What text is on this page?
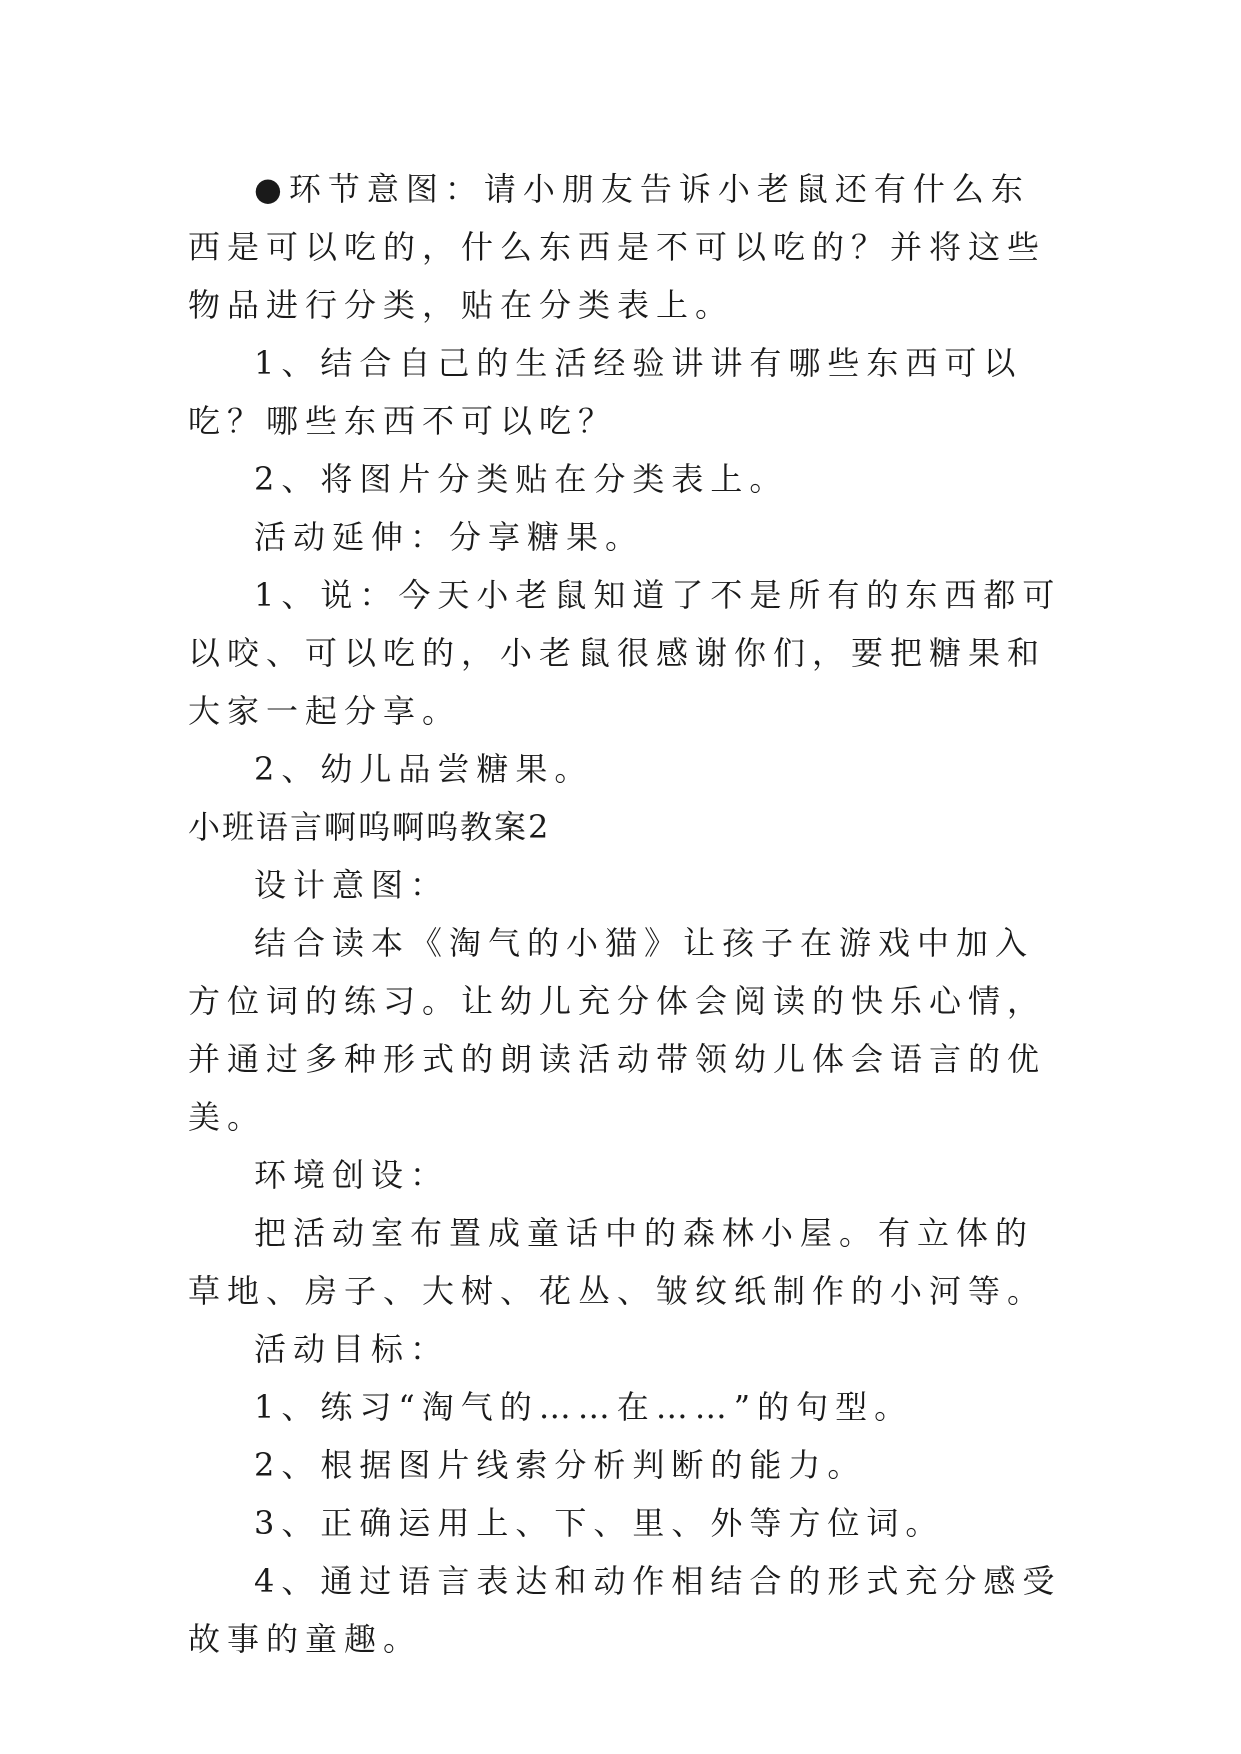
●环节意图：请小朋友告诉小老鼠还有什么东西是可以吃的，什么东西是不可以吃的？并将这些物品进行分类，贴在分类表上。

1、结合自己的生活经验讲讲有哪些东西可以吃？哪些东西不可以吃？

2、将图片分类贴在分类表上。

活动延伸：分享糖果。

1、说：今天小老鼠知道了不是所有的东西都可以咬、可以吃的，小老鼠很感谢你们，要把糖果和大家一起分享。

2、幼儿品尝糖果。

小班语言啊呜啊呜教案2

设计意图：

结合读本《淘气的小猫》让孩子在游戏中加入方位词的练习。让幼儿充分体会阅读的快乐心情，并通过多种形式的朗读活动带领幼儿体会语言的优美。

环境创设：

把活动室布置成童话中的森林小屋。有立体的草地、房子、大树、花丛、皱纹纸制作的小河等。

活动目标：

1、练习“淘气的……在……”的句型。

2、根据图片线索分析判断的能力。

3、正确运用上、下、里、外等方位词。

4、通过语言表达和动作相结合的形式充分感受故事的童趣。
